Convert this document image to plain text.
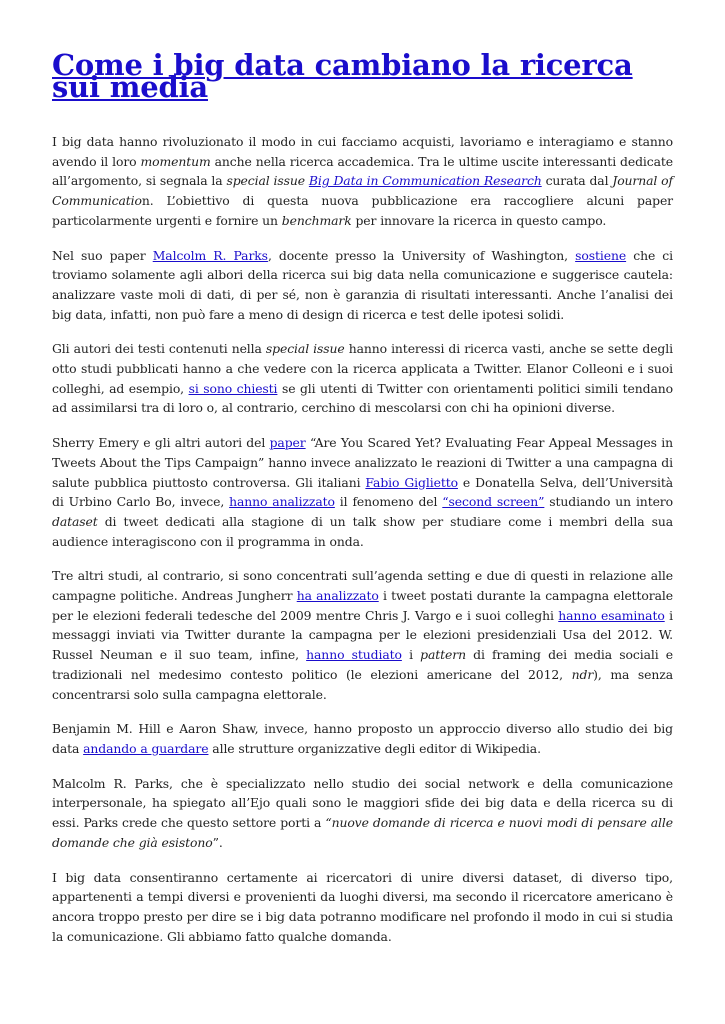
Come i big data cambiano la ricerca sui media

I big data hanno rivoluzionato il modo in cui facciamo acquisti, lavoriamo e interagiamo e stanno avendo il loro momentum anche nella ricerca accademica. Tra le ultime uscite interessanti dedicate all’argomento, si segnala la special issue Big Data in Communication Research curata dal Journal of Communication. L’obiettivo di questa nuova pubblicazione era raccogliere alcuni paper particolarmente urgenti e fornire un benchmark per innovare la ricerca in questo campo.

Nel suo paper Malcolm R. Parks, docente presso la University of Washington, sostiene che ci troviamo solamente agli albori della ricerca sui big data nella comunicazione e suggerisce cautela: analizzare vaste moli di dati, di per sé, non è garanzia di risultati interessanti. Anche l’analisi dei big data, infatti, non può fare a meno di design di ricerca e test delle ipotesi solidi.

Gli autori dei testi contenuti nella special issue hanno interessi di ricerca vasti, anche se sette degli otto studi pubblicati hanno a che vedere con la ricerca applicata a Twitter. Elanor Colleoni e i suoi colleghi, ad esempio, si sono chiesti se gli utenti di Twitter con orientamenti politici simili tendano ad assimilarsi tra di loro o, al contrario, cerchino di mescolarsi con chi ha opinioni diverse.

Sherry Emery e gli altri autori del paper “Are You Scared Yet? Evaluating Fear Appeal Messages in Tweets About the Tips Campaign” hanno invece analizzato le reazioni di Twitter a una campagna di salute pubblica piuttosto controversa. Gli italiani Fabio Giglietto e Donatella Selva, dell’Università di Urbino Carlo Bo, invece, hanno analizzato il fenomeno del “second screen” studiando un intero dataset di tweet dedicati alla stagione di un talk show per studiare come i membri della sua audience interagiscono con il programma in onda.

Tre altri studi, al contrario, si sono concentrati sull’agenda setting e due di questi in relazione alle campagne politiche. Andreas Jungherr ha analizzato i tweet postati durante la campagna elettorale per le elezioni federali tedesche del 2009 mentre Chris J. Vargo e i suoi colleghi hanno esaminato i messaggi inviati via Twitter durante la campagna per le elezioni presidenziali Usa del 2012. W. Russel Neuman e il suo team, infine, hanno studiato i pattern di framing dei media sociali e tradizionali nel medesimo contesto politico (le elezioni americane del 2012, ndr), ma senza concentrarsi solo sulla campagna elettorale.

Benjamin M. Hill e Aaron Shaw, invece, hanno proposto un approccio diverso allo studio dei big data andando a guardare alle strutture organizzative degli editor di Wikipedia.

Malcolm R. Parks, che è specializzato nello studio dei social network e della comunicazione interpersonale, ha spiegato all’Ejo quali sono le maggiori sfide dei big data e della ricerca su di essi. Parks crede che questo settore porti a “nuove domande di ricerca e nuovi modi di pensare alle domande che già esistono”.

I big data consentiranno certamente ai ricercatori di unire diversi dataset, di diverso tipo, appartenenti a tempi diversi e provenienti da luoghi diversi, ma secondo il ricercatore americano è ancora troppo presto per dire se i big data potranno modificare nel profondo il modo in cui si studia la comunicazione. Gli abbiamo fatto qualche domanda.
